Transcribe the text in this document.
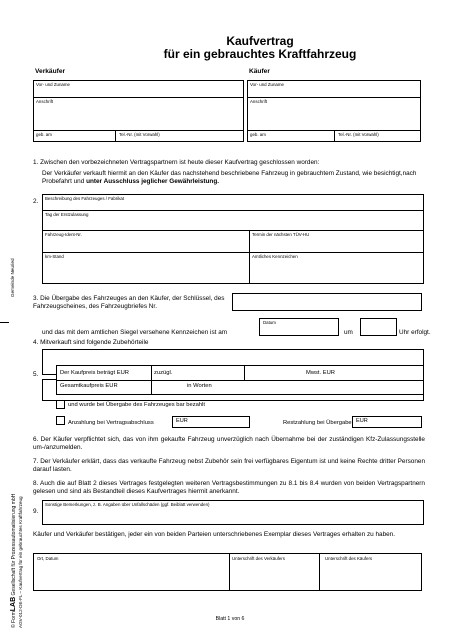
Kaufvertrag
für ein gebrauchtes Kraftfahrzeug
Gemeinde Neuried
© FormLAB Gesellschaft für Prozessautomatisierung mbH AGV-012-DE-FL – Kaufvertrag für ein gebrauchtes Kraftfahrzeug
Verkäufer	Käufer
Vor- und Zuname
Anschrift
geb. am	Tel.-Nr. (mit Vorwahl)
Vor- und Zuname
Anschrift
geb. am	Tel.-Nr. (mit Vorwahl)
1. Zwischen den vorbezeichneten Vertragspartnern ist heute dieser Kaufvertrag geschlossen worden:
Der Verkäufer verkauft hiermit an den Käufer das nachstehend beschriebene Fahrzeug in gebrauchtem Zustand, wie besichtigt,nach Probefahrt und unter Ausschluss jeglicher Gewährleistung.
2. Beschreibung des Fahrzeuges / Fabrikat
Tag der Erstzulassung
Fahrzeug-Ident-Nr.	Termin der nächsten TÜV-HU
km-Stand	Amtliches Kennzeichen
3. Die Übergabe des Fahrzeuges an den Käufer, der Schlüssel, des Fahrzeugscheines, des Fahrzeugbriefes Nr.
Datum
und das mit dem amtlichen Siegel versehene Kennzeichen ist am	um	Uhr erfolgt.
4. Mitverkauft sind folgende Zubehörteile
5.	Der Kaufpreis beträgt EUR	zuzügl.	Mwst. EUR
Gesamtkaufpreis EUR	in Worten
und wurde bei Übergabe des Fahrzeuges bar bezahlt
Anzahlung bei Vertragsabschluss	EUR	Restzahlung bei Übergabe EUR
6. Der Käufer verpflichtet sich, das von ihm gekaufte Fahrzeug unverzüglich nach Übernahme bei der zuständigen Kfz-Zulassungsstelle um-/anzumelden.
7. Der Verkäufer erklärt, dass das verkaufte Fahrzeug nebst Zubehör sein frei verfügbares Eigentum ist und keine Rechte dritter Personen darauf lasten.
8. Auch die auf Blatt 2 dieses Vertrages festgelegten weiteren Vertragsbestimmungen zu 8.1 bis 8.4 wurden von beiden Vertragspartnern gelesen und sind als Bestandteil dieses Kaufvertrages hiermit anerkannt.
9.
Sonstige Bemerkungen, z. B. Angaben über Unfallschäden (ggf. Beiblatt verwenden)
Käufer und Verkäufer bestätigen, jeder ein von beiden Parteien unterschriebenes Exemplar dieses Vertrages erhalten zu haben.
Ort, Datum	Unterschrift des Verkäufers	Unterschrift des Käufers
Blatt 1 von 6
